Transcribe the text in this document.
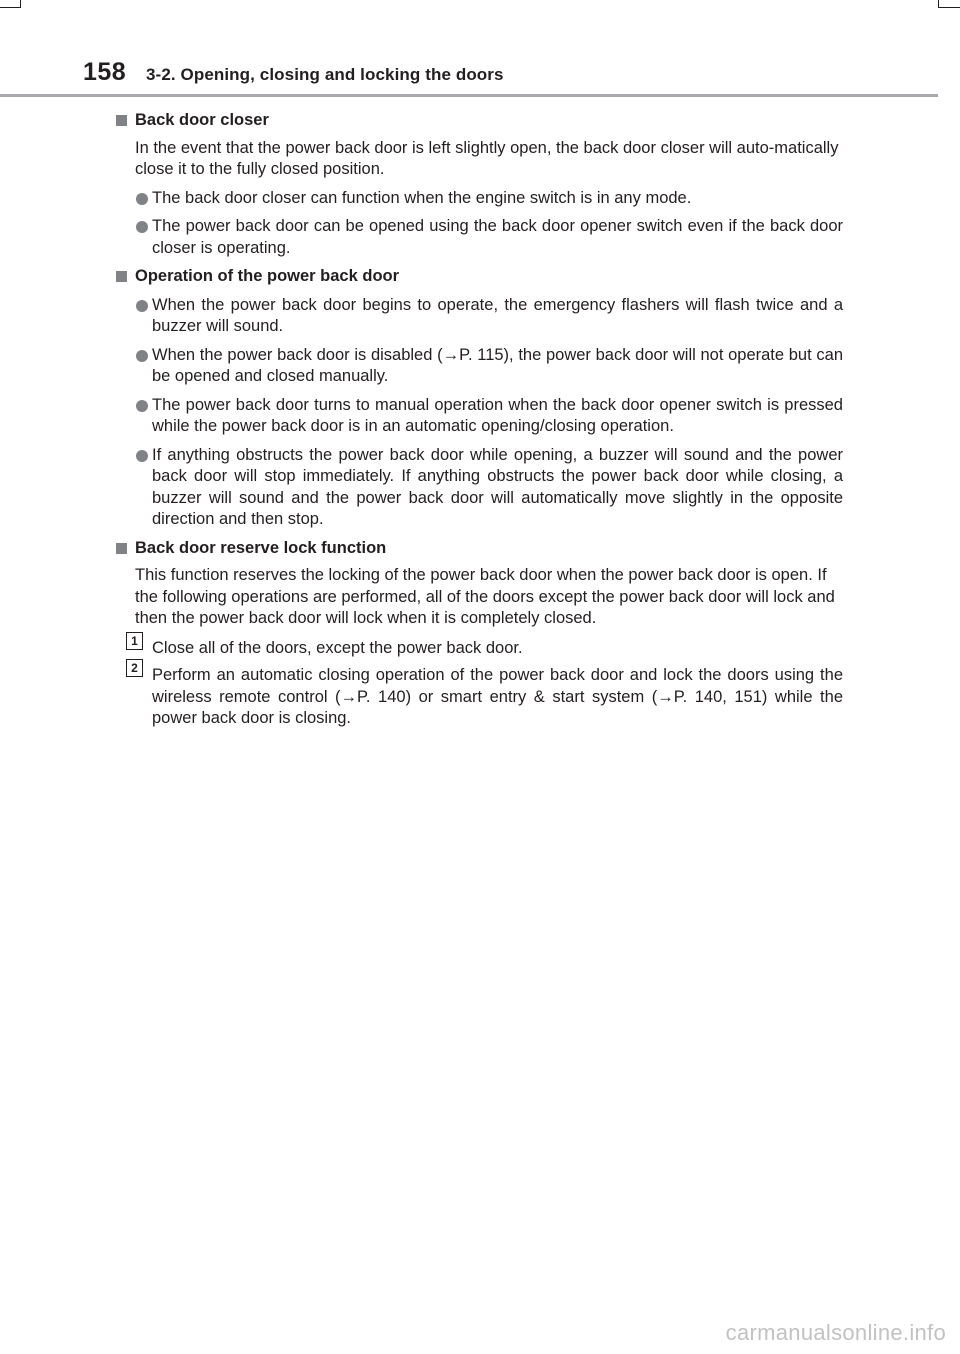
158 3-2. Opening, closing and locking the doors
Back door closer
In the event that the power back door is left slightly open, the back door closer will auto-matically close it to the fully closed position.
The back door closer can function when the engine switch is in any mode.
The power back door can be opened using the back door opener switch even if the back door closer is operating.
Operation of the power back door
When the power back door begins to operate, the emergency flashers will flash twice and a buzzer will sound.
When the power back door is disabled (→P. 115), the power back door will not operate but can be opened and closed manually.
The power back door turns to manual operation when the back door opener switch is pressed while the power back door is in an automatic opening/closing operation.
If anything obstructs the power back door while opening, a buzzer will sound and the power back door will stop immediately. If anything obstructs the power back door while closing, a buzzer will sound and the power back door will automatically move slightly in the opposite direction and then stop.
Back door reserve lock function
This function reserves the locking of the power back door when the power back door is open. If the following operations are performed, all of the doors except the power back door will lock and then the power back door will lock when it is completely closed.
1 Close all of the doors, except the power back door.
2 Perform an automatic closing operation of the power back door and lock the doors using the wireless remote control (→P. 140) or smart entry & start system (→P. 140, 151) while the power back door is closing.
carmanualsonline.info
